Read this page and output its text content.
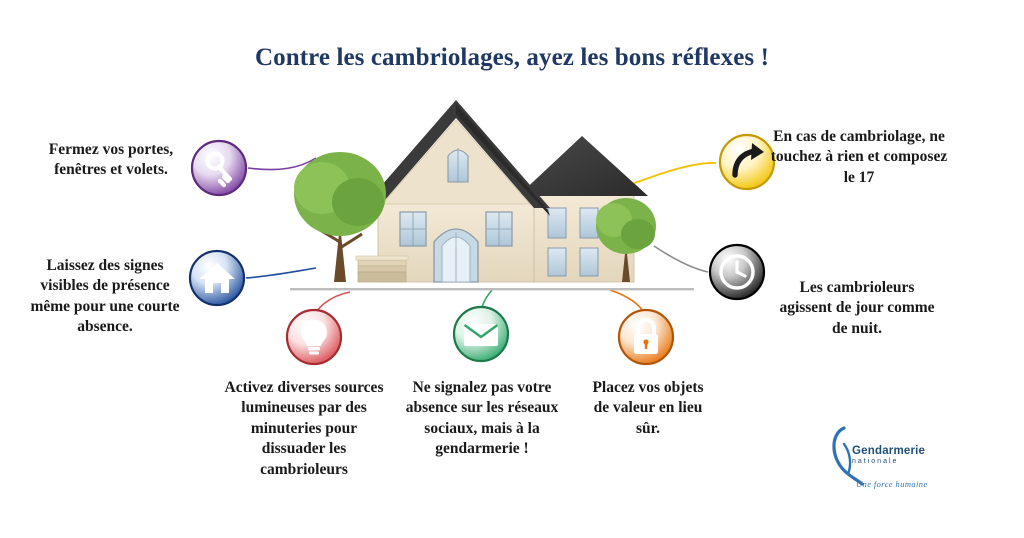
Contre les cambriolages, ayez les bons réflexes !
Fermez vos portes, fenêtres et volets.
Laissez des signes visibles de présence même pour une courte absence.
Activez diverses sources lumineuses par des minuteries pour dissuader les cambrioleurs
Ne signalez pas votre absence sur les réseaux sociaux, mais à la gendarmerie !
Placez vos objets de valeur en lieu sûr.
En cas de cambriolage, ne touchez à rien et composez le 17
Les cambrioleurs agissent de jour comme de nuit.
Gendarmerie
nationale
Une force humaine
